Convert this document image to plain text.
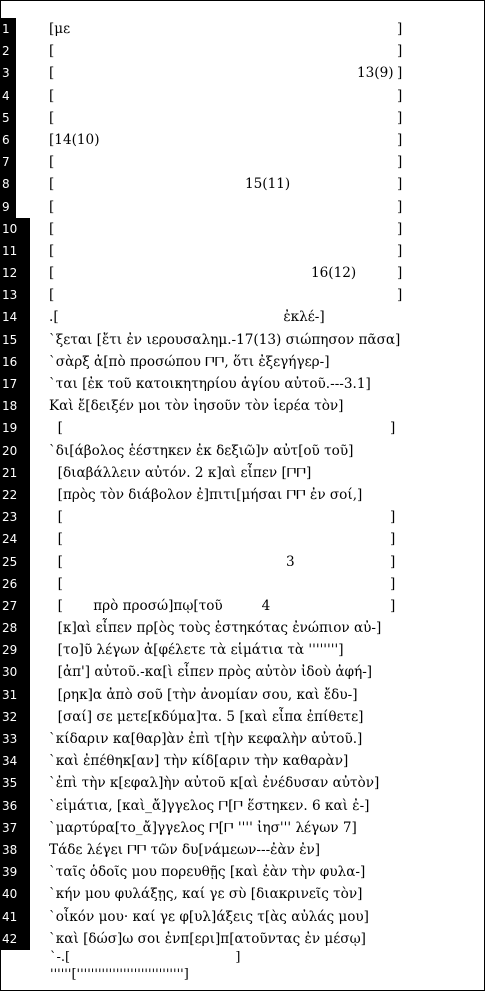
1	[με	]
2	[	]
3	[	13(9) ]
4	[	]
5	[	]
6	[14(10)	]
7	[	]
8	[	15(11)	]
9	[	]
10	[	]
11	[	]
12	[	16(12)	]
13	[	]
14	.[                                                    ἐκλέ-]
15	`ξεται [ἔτι ἐν ιερουσαλημ.-17(13) σιώπησον πᾶσα]
16	`σὰρξ ἀ[πὸ προσώπου 𐅃𐅃, ὅτι ἐξεγήγερ-]
17	`ται [ἐκ τοῦ κατοικητηρίου ἁγίου αὐτοῦ.---3.1]
18	Καὶ ἔ[δειξέν μοι τὸν ἰησοῦν τὸν ἱερέα τὸν]
19	[	]
20	`δι[άβολος ἑέστηκεν ἐκ δεξιῶ]ν αὐτ[οῦ τοῦ]
21	[διαβάλλειν αὐτόν. 2 κ]αὶ εἶπεν [𐅃𐅃]
22	[πρὸς τὸν διάβολον ἐ]πιτι[μήσαι 𐅃𐅃 ἐν σοί,]
23	[	]
24	[	]
25	[	3	]
26	[	]
27	[       πρὸ προσώ]πῳ[τοῦ         4	]
28	[κ]αὶ εἶπεν πρ[ὸς τοὺς ἑστηκότας ἐνώπιον αὐ-]
29	[το]ῦ λέγων ἀ[φέλετε τὰ εἱμάτια τὰ '''''''']
30	[ἀπ'] αὐτοῦ.-κα[ὶ εἶπεν πρὸς αὐτὸν ἰδοὺ ἀφή-]
31	[ρηκ]α ἀπὸ σοῦ [τὴν ἀνομίαν σου, καὶ ἔδυ-]
32	[σαί] σε μετε[κδύμα]τα. 5 [καὶ εἶπα ἐπίθετε]
33	`κίδαριν κα[θαρ]ὰν ἐπὶ τ[ὴν κεφαλὴν αὐτοῦ.]
34	`καὶ ἐπέθηκ[αν] τὴν κίδ[αριν τὴν καθαρὰν]
35	`ἐπὶ τὴν κ[εφαλ]ὴν αὐτοῦ κ[αὶ ἐνέδυσαν αὐτὸν]
36	`εἱμάτια, [καὶ_ἄ]γγελος 𐅃[𐅃 ἕστηκεν. 6 καὶ ἐ-]
37	`μαρτύρα[το_ἄ]γγελος 𐅃[𐅃 '''' ἰησ''' λέγων 7]
38	Τάδε λέγει 𐅃𐅃 τῶν δυ[νάμεων---ἐὰν ἐν]
39	`ταῖς ὁδοῖς μου πορευθῇς [καὶ ἐὰν τὴν φυλα-]
40	`κήν μου φυλάξῃς, καί γε σὺ [διακρινεῖς τὸν]
41	`οἶκόν μου· καί γε φ[υλ]άξεις τ[ὰς αὐλάς μου]
42	`καὶ [δώσ]ω σοι ἐνπ[ερι]π[ατοῦντας ἐν μέσῳ]
`-.[                                        ]
''''''['''''''''''''''''''''''''''''']
